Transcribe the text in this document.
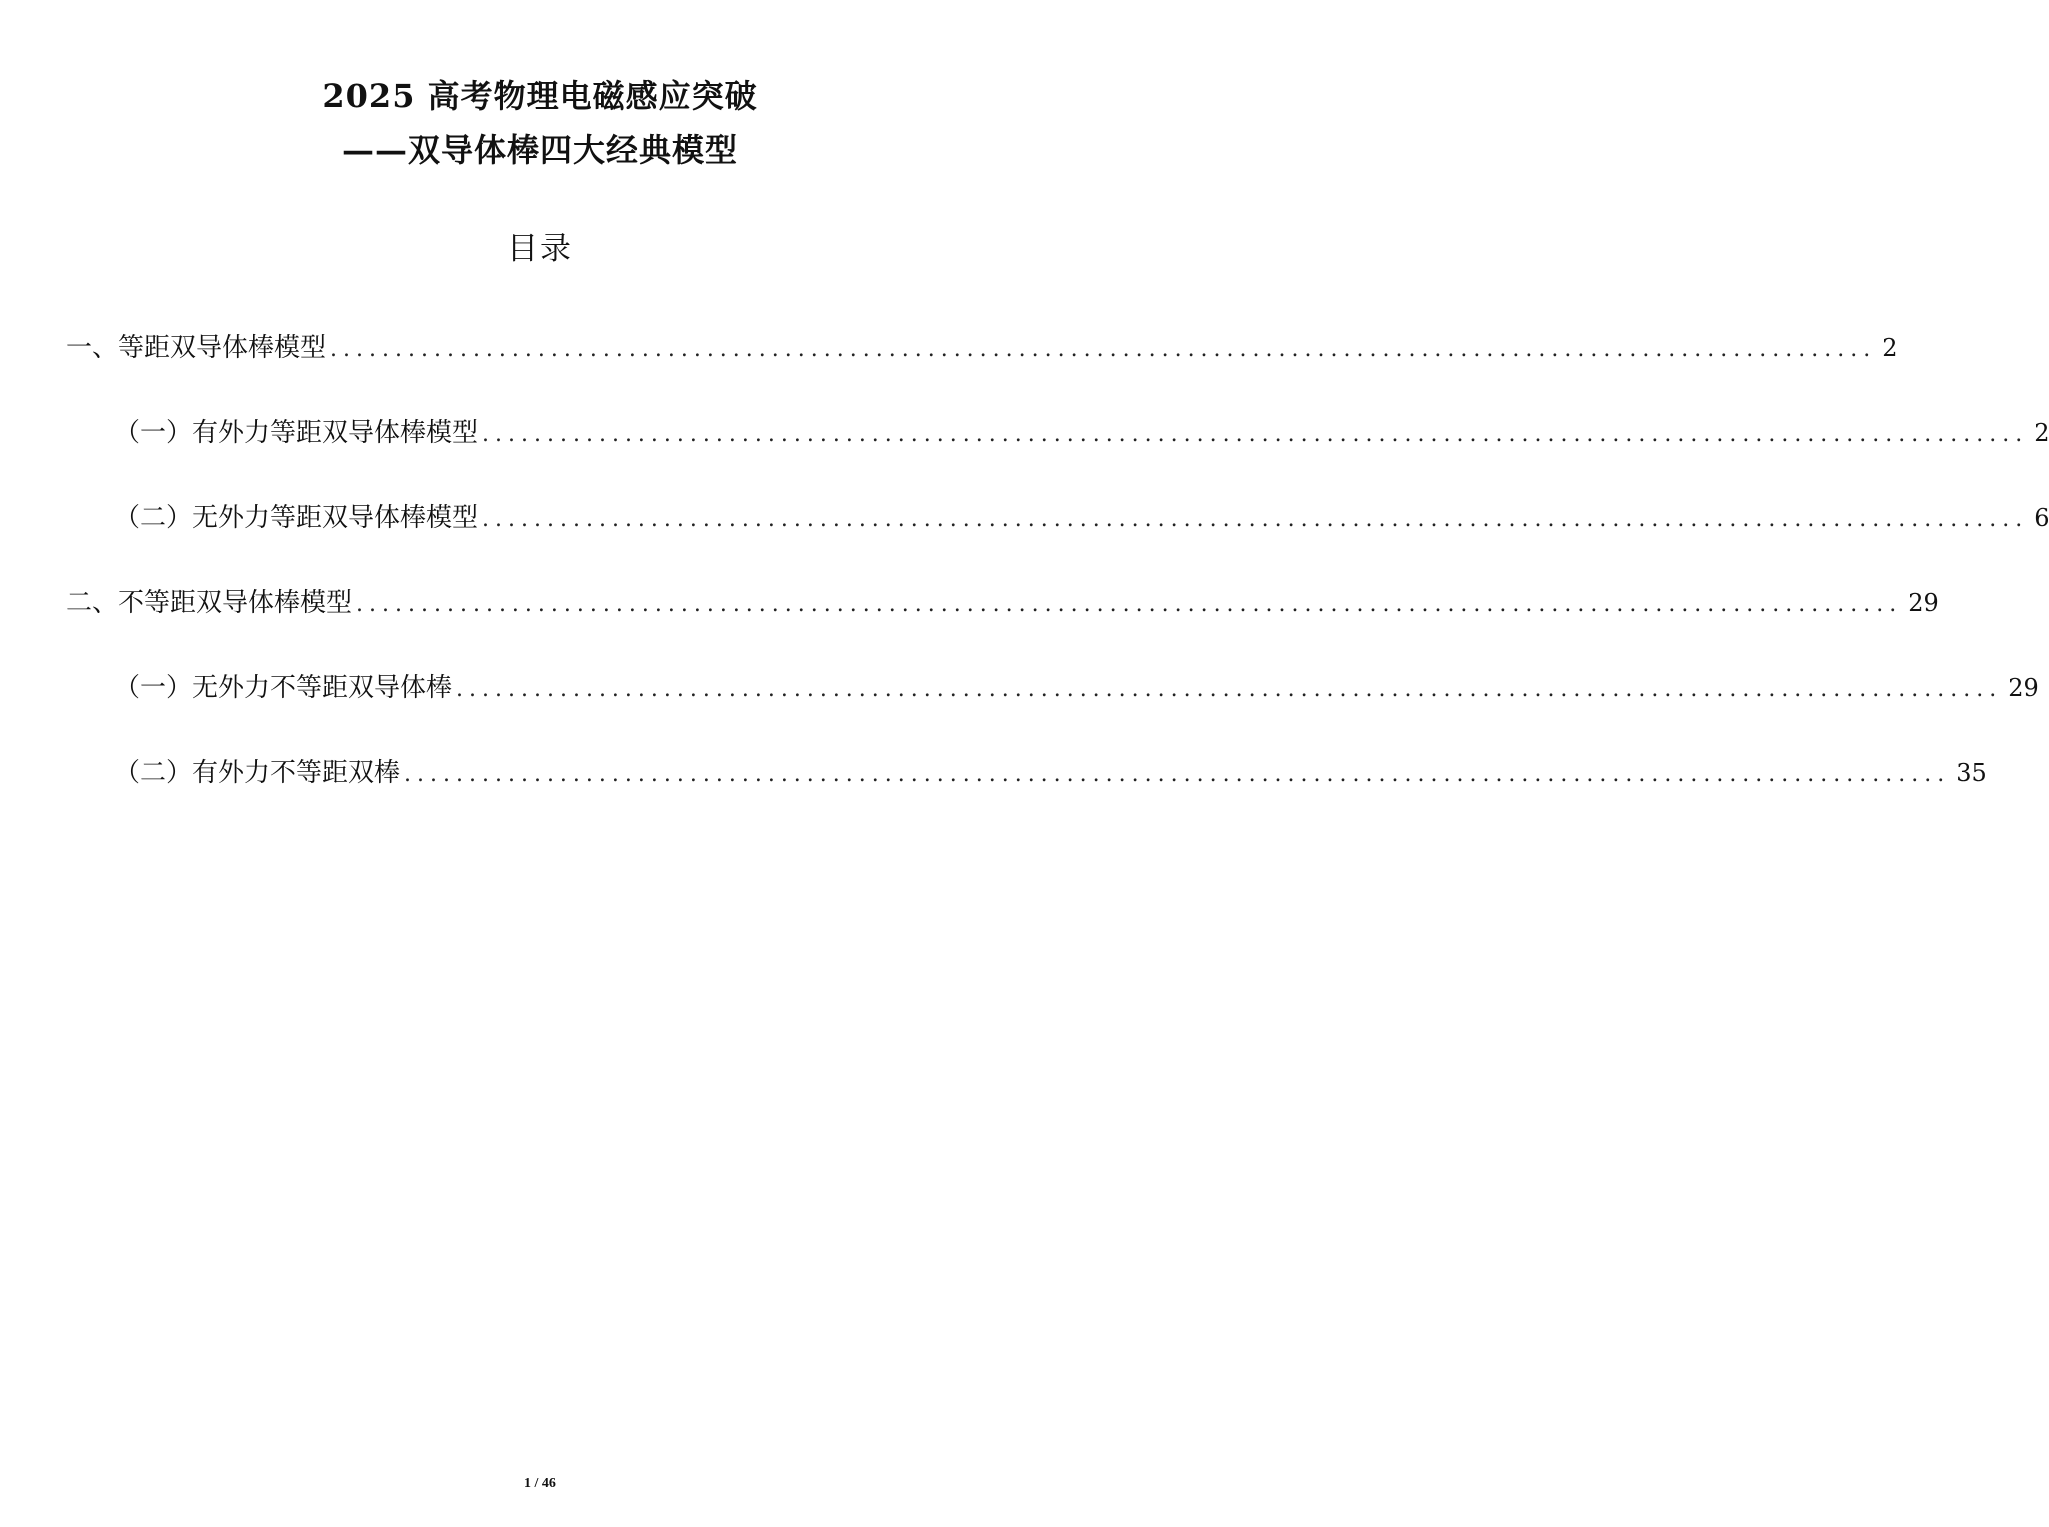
2025 高考物理电磁感应突破
——双导体棒四大经典模型
目录
一、等距双导体棒模型 ....................................................................................................................... 2
（一）有外力等距双导体棒模型 ....................................................................................................................... 2
（二）无外力等距双导体棒模型 ....................................................................................................................... 6
二、不等距双导体棒模型 ....................................................................................................................... 29
（一）无外力不等距双导体棒 ....................................................................................................................... 29
（二）有外力不等距双棒 ....................................................................................................................... 35
1 / 46
